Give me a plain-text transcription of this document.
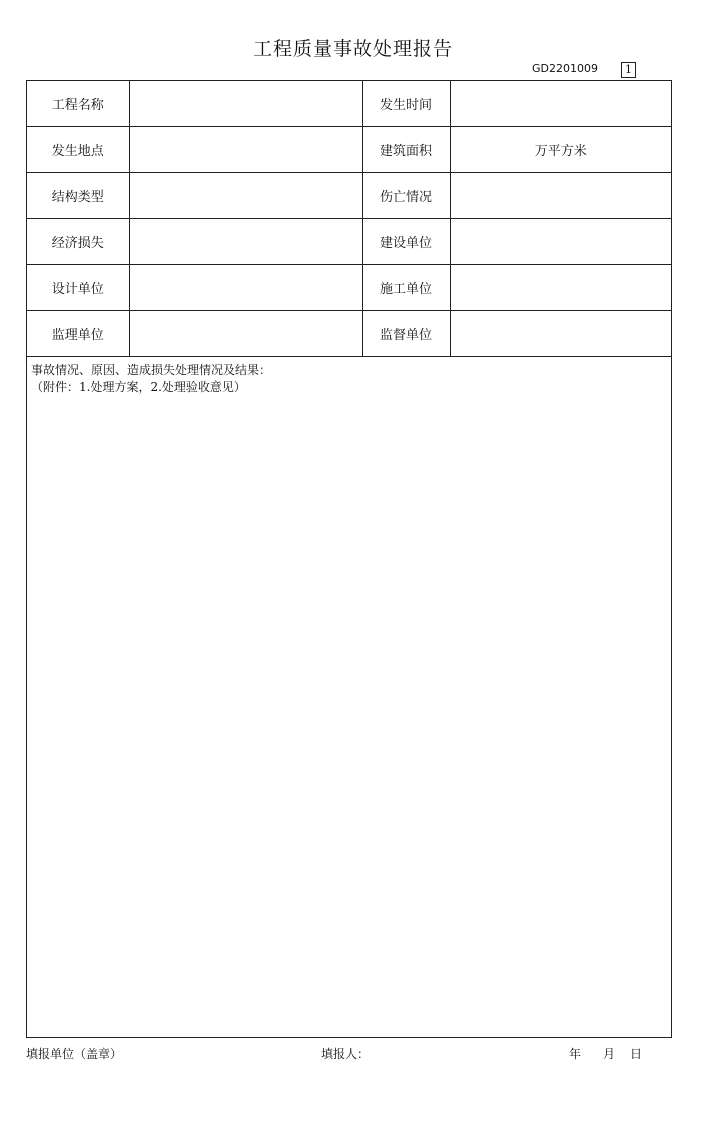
工程质量事故处理报告
GD2201009	1
工程名称		发生时间	
发生地点		建筑面积	万平方米
结构类型		伤亡情况	
经济损失		建设单位	
设计单位		施工单位	
监理单位		监督单位	
事故情况、原因、造成损失处理情况及结果：
（附件：1.处理方案，2.处理验收意见）
填报单位（盖章）	填报人：	年 月 日
